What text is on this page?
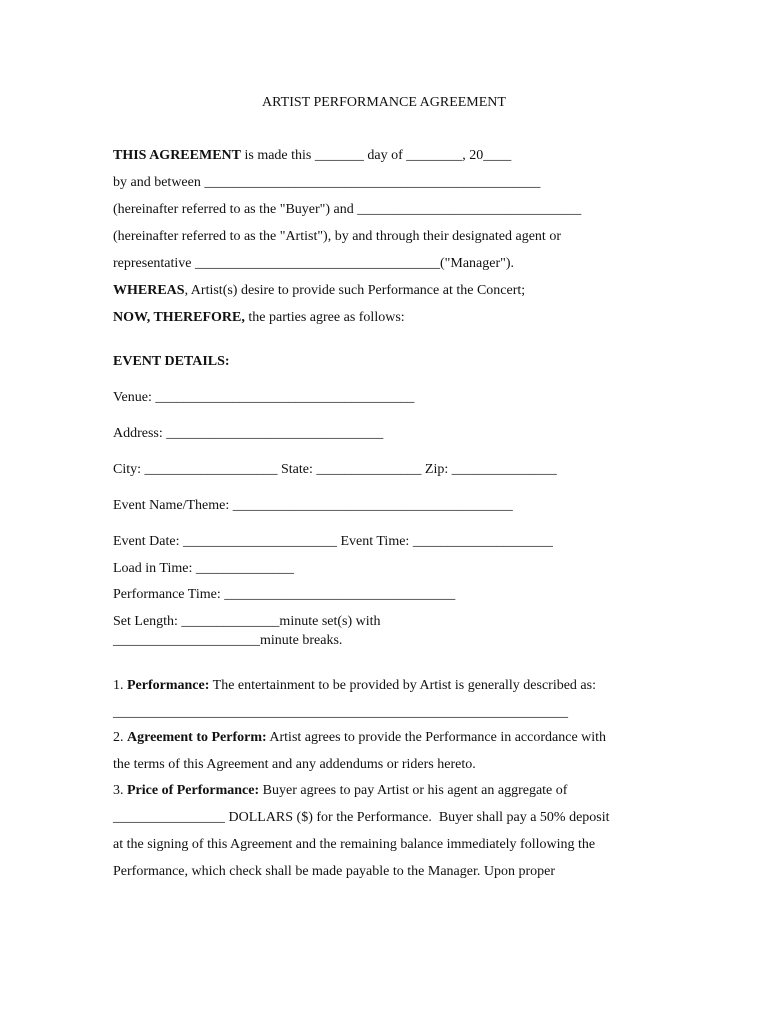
ARTIST PERFORMANCE AGREEMENT

THIS AGREEMENT is made this _______ day of ________, 20____

by and between ________________________________________________

(hereinafter referred to as the "Buyer") and ________________________________

(hereinafter referred to as the "Artist"), by and through their designated agent or

representative ___________________________________("Manager").

WHEREAS, Artist(s) desire to provide such Performance at the Concert;

NOW, THEREFORE, the parties agree as follows:

EVENT DETAILS:

Venue: _____________________________________

Address: _______________________________

City: ___________________ State: _______________ Zip: _______________

Event Name/Theme: ________________________________________

Event Date: ______________________ Event Time: ____________________

Load in Time: ______________

Performance Time: _________________________________

Set Length: ______________minute set(s) with

_____________________minute breaks.

1. Performance: The entertainment to be provided by Artist is generally described as:

_________________________________________________________________

2. Agreement to Perform: Artist agrees to provide the Performance in accordance with

the terms of this Agreement and any addendums or riders hereto.

3. Price of Performance: Buyer agrees to pay Artist or his agent an aggregate of

________________ DOLLARS ($) for the Performance.  Buyer shall pay a 50% deposit

at the signing of this Agreement and the remaining balance immediately following the

Performance, which check shall be made payable to the Manager. Upon proper
